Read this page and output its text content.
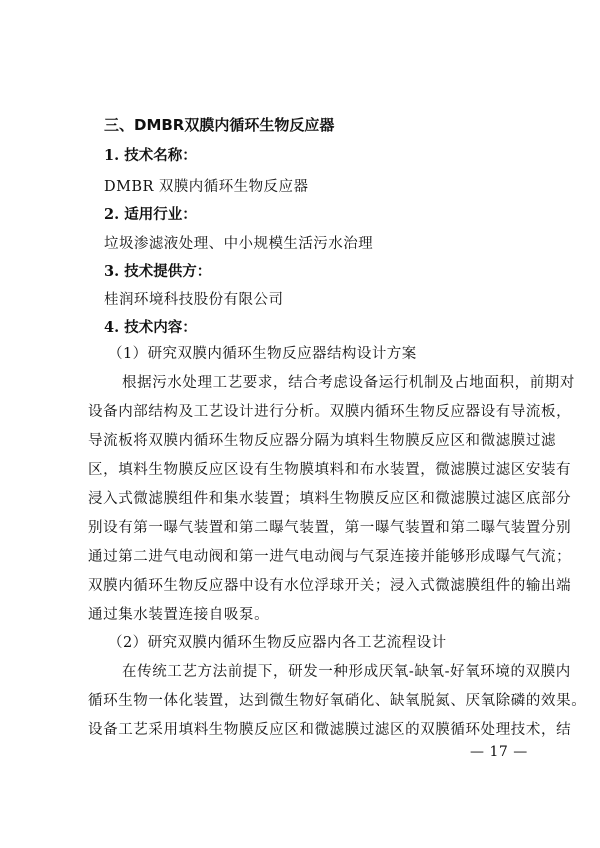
三、DMBR双膜内循环生物反应器
1. 技术名称：
DMBR 双膜内循环生物反应器
2. 适用行业：
垃圾渗滤液处理、中小规模生活污水治理
3. 技术提供方：
桂润环境科技股份有限公司
4. 技术内容：
（1）研究双膜内循环生物反应器结构设计方案
根据污水处理工艺要求，结合考虑设备运行机制及占地面积，前期对
设备内部结构及工艺设计进行分析。双膜内循环生物反应器设有导流板，
导流板将双膜内循环生物反应器分隔为填料生物膜反应区和微滤膜过滤
区，填料生物膜反应区设有生物膜填料和布水装置，微滤膜过滤区安装有
浸入式微滤膜组件和集水装置；填料生物膜反应区和微滤膜过滤区底部分
别设有第一曝气装置和第二曝气装置，第一曝气装置和第二曝气装置分别
通过第二进气电动阀和第一进气电动阀与气泵连接并能够形成曝气气流；
双膜内循环生物反应器中设有水位浮球开关；浸入式微滤膜组件的输出端
通过集水装置连接自吸泵。
（2）研究双膜内循环生物反应器内各工艺流程设计
在传统工艺方法前提下，研发一种形成厌氧-缺氧-好氧环境的双膜内
循环生物一体化装置，达到微生物好氧硝化、缺氧脱氮、厌氧除磷的效果。
设备工艺采用填料生物膜反应区和微滤膜过滤区的双膜循环处理技术，结
— 17 —
